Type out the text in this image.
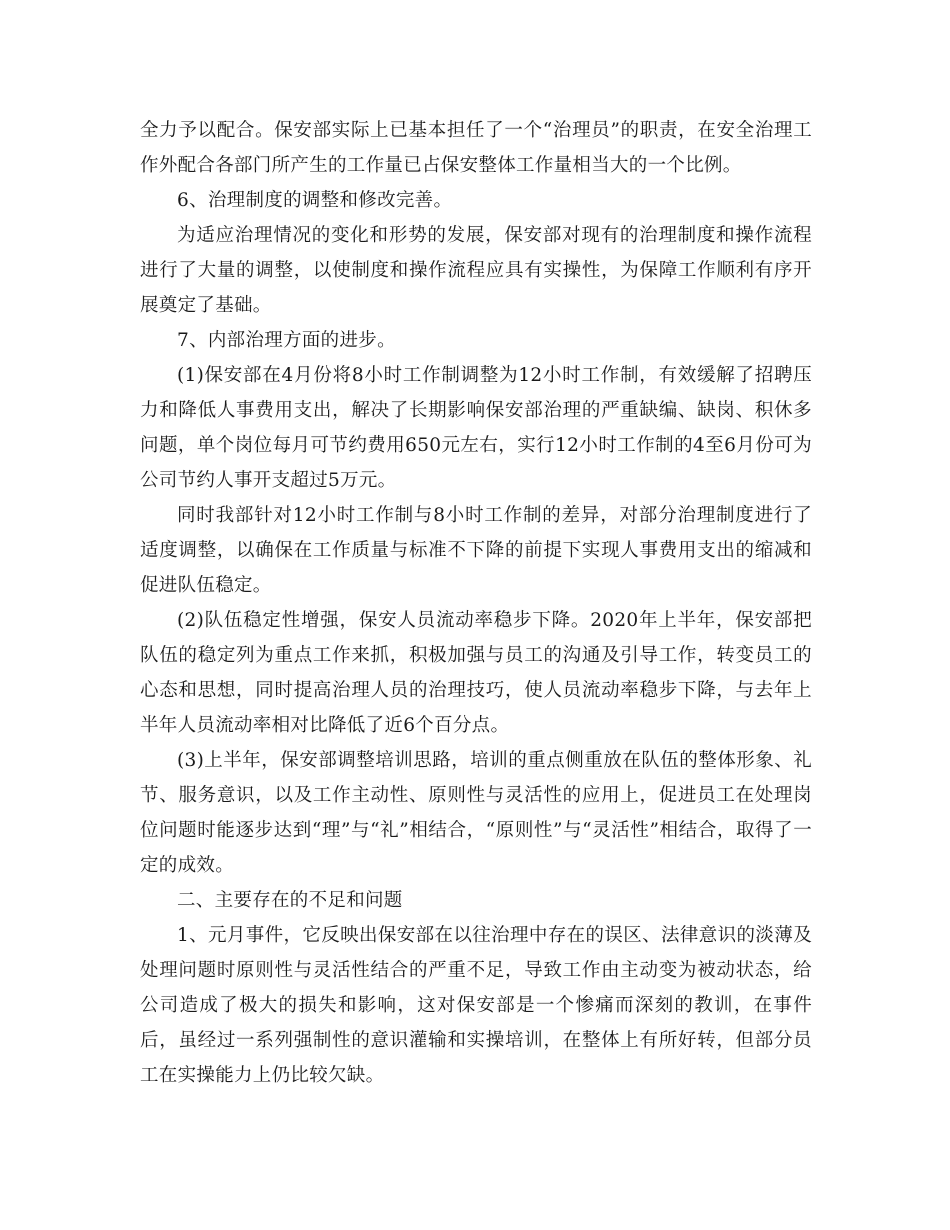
全力予以配合。保安部实际上已基本担任了一个“治理员”的职责，在安全治理工作外配合各部门所产生的工作量已占保安整体工作量相当大的一个比例。

6、治理制度的调整和修改完善。

为适应治理情况的变化和形势的发展，保安部对现有的治理制度和操作流程进行了大量的调整，以使制度和操作流程应具有实操性，为保障工作顺利有序开展奠定了基础。

7、内部治理方面的进步。

(1)保安部在4月份将8小时工作制调整为12小时工作制，有效缓解了招聘压力和降低人事费用支出，解决了长期影响保安部治理的严重缺编、缺岗、积休多问题，单个岗位每月可节约费用650元左右，实行12小时工作制的4至6月份可为公司节约人事开支超过5万元。

同时我部针对12小时工作制与8小时工作制的差异，对部分治理制度进行了适度调整，以确保在工作质量与标准不下降的前提下实现人事费用支出的缩减和促进队伍稳定。

(2)队伍稳定性增强，保安人员流动率稳步下降。2020年上半年，保安部把队伍的稳定列为重点工作来抓，积极加强与员工的沟通及引导工作，转变员工的心态和思想，同时提高治理人员的治理技巧，使人员流动率稳步下降，与去年上半年人员流动率相对比降低了近6个百分点。

(3)上半年，保安部调整培训思路，培训的重点侧重放在队伍的整体形象、礼节、服务意识，以及工作主动性、原则性与灵活性的应用上，促进员工在处理岗位问题时能逐步达到“理”与“礼”相结合，“原则性”与“灵活性”相结合，取得了一定的成效。

二、主要存在的不足和问题

1、元月事件，它反映出保安部在以往治理中存在的误区、法律意识的淡薄及处理问题时原则性与灵活性结合的严重不足，导致工作由主动变为被动状态，给公司造成了极大的损失和影响，这对保安部是一个惨痛而深刻的教训，在事件后，虽经过一系列强制性的意识灌输和实操培训，在整体上有所好转，但部分员工在实操能力上仍比较欠缺。
